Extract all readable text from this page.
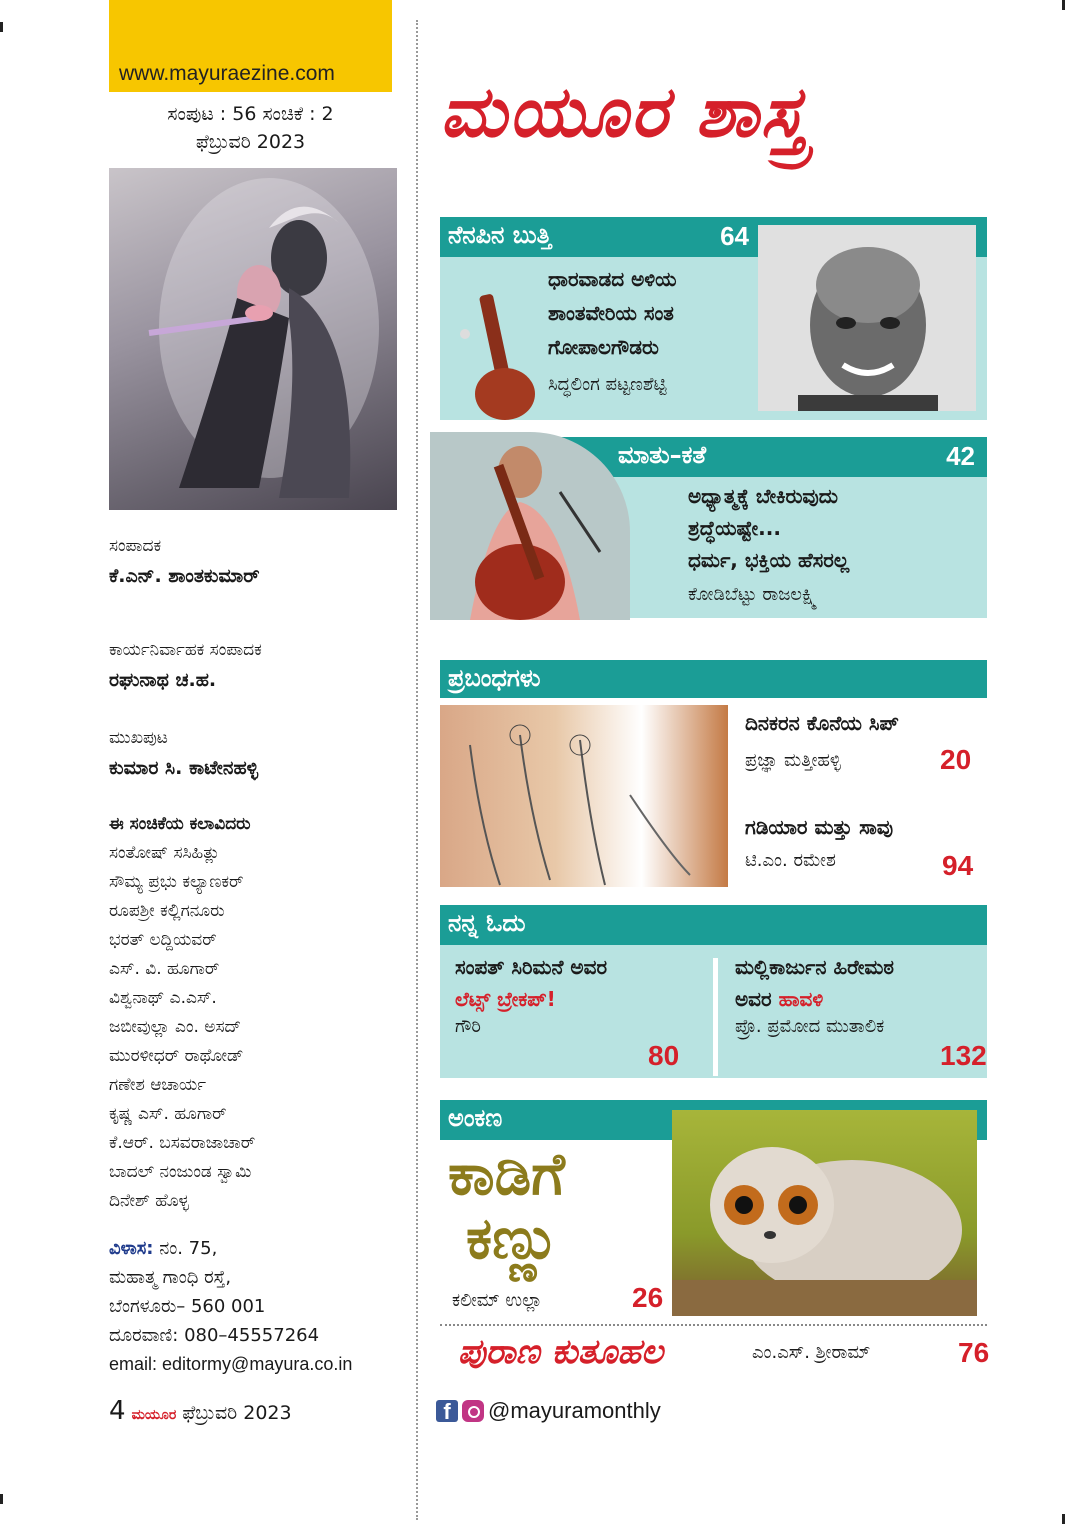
www.mayuraezine.com
ಸಂಪುಟ : 56 ಸಂಚಿಕೆ : 2
ಫೆಬ್ರುವರಿ 2023
ಸಂಪಾದಕ
ಕೆ.ಎನ್. ಶಾಂತಕುಮಾರ್
ಕಾರ್ಯನಿರ್ವಾಹಕ ಸಂಪಾದಕ
ರಘುನಾಥ ಚ.ಹ.
ಮುಖಪುಟ
ಕುಮಾರ ಸಿ. ಕಾಟೇನಹಳ್ಳಿ
ಈ ಸಂಚಿಕೆಯ ಕಲಾವಿದರು
ಸಂತೋಷ್ ಸಸಿಹಿತ್ಲು
ಸೌಮ್ಯ ಪ್ರಭು ಕಲ್ಯಾಣಕರ್
ರೂಪಶ್ರೀ ಕಲ್ಲಿಗನೂರು
ಭರತ್ ಲದ್ದಿಯವರ್
ಎಸ್. ವಿ. ಹೂಗಾರ್
ವಿಶ್ವನಾಥ್ ಎ.ಎಸ್.
ಜಬೀವುಲ್ಲಾ ಎಂ. ಅಸದ್
ಮುರಳೀಧರ್ ರಾಥೋಡ್
ಗಣೇಶ ಆಚಾರ್ಯ
ಕೃಷ್ಣ ಎಸ್. ಹೂಗಾರ್
ಕೆ.ಆರ್. ಬಸವರಾಜಾಚಾರ್
ಬಾದಲ್ ನಂಜುಂಡ ಸ್ವಾಮಿ
ದಿನೇಶ್ ಹೊಳ್ಳ
ವಿಳಾಸ: ನಂ. 75,
ಮಹಾತ್ಮ ಗಾಂಧಿ ರಸ್ತೆ,
ಬೆಂಗಳೂರು– 560 001
ದೂರವಾಣಿ: 080–45557264
email: editormy@mayura.co.in
4 ಮಯೂರ ಫೆಬ್ರುವರಿ 2023
ಮಯೂರ ಶಾಸ್ತ್ರ
ನೆನಪಿನ ಬುತ್ತಿ	64
ಧಾರವಾಡದ ಅಳಿಯ
ಶಾಂತವೇರಿಯ ಸಂತ
ಗೋಪಾಲಗೌಡರು
ಸಿದ್ಧಲಿಂಗ ಪಟ್ಟಣಶೆಟ್ಟಿ
ಮಾತು–ಕತೆ	42
ಅಧ್ಯಾತ್ಮಕ್ಕೆ ಬೇಕಿರುವುದು
ಶ್ರದ್ಧೆಯಷ್ಟೇ...
ಧರ್ಮ, ಭಕ್ತಿಯ ಹೆಸರಲ್ಲ
ಕೋಡಿಬೆಟ್ಟು ರಾಜಲಕ್ಷ್ಮಿ
ಪ್ರಬಂಧಗಳು
ದಿನಕರನ ಕೊನೆಯ ಸಿಪ್
ಪ್ರಜ್ಞಾ ಮತ್ತೀಹಳ್ಳಿ	20
ಗಡಿಯಾರ ಮತ್ತು ಸಾವು
ಟಿ.ಎಂ. ರಮೇಶ	94
ನನ್ನ ಓದು
ಸಂಪತ್ ಸಿರಿಮನೆ ಅವರ
ಲೆಟ್ಸ್ ಬ್ರೇಕಪ್!
ಗೌರಿ
80
ಮಲ್ಲಿಕಾರ್ಜುನ ಹಿರೇಮಠ
ಅವರ ಹಾವಳಿ
ಪ್ರೊ. ಪ್ರಮೋದ ಮುತಾಲಿಕ
132
ಅಂಕಣ
ಕಾಡಿಗೆ
ಕಣ್ಣು
ಕಲೀಮ್ ಉಲ್ಲಾ	26
ಪುರಾಣ ಕುತೂಹಲ	ಎಂ.ಎಸ್. ಶ್ರೀರಾಮ್	76
f	@mayuramonthly
